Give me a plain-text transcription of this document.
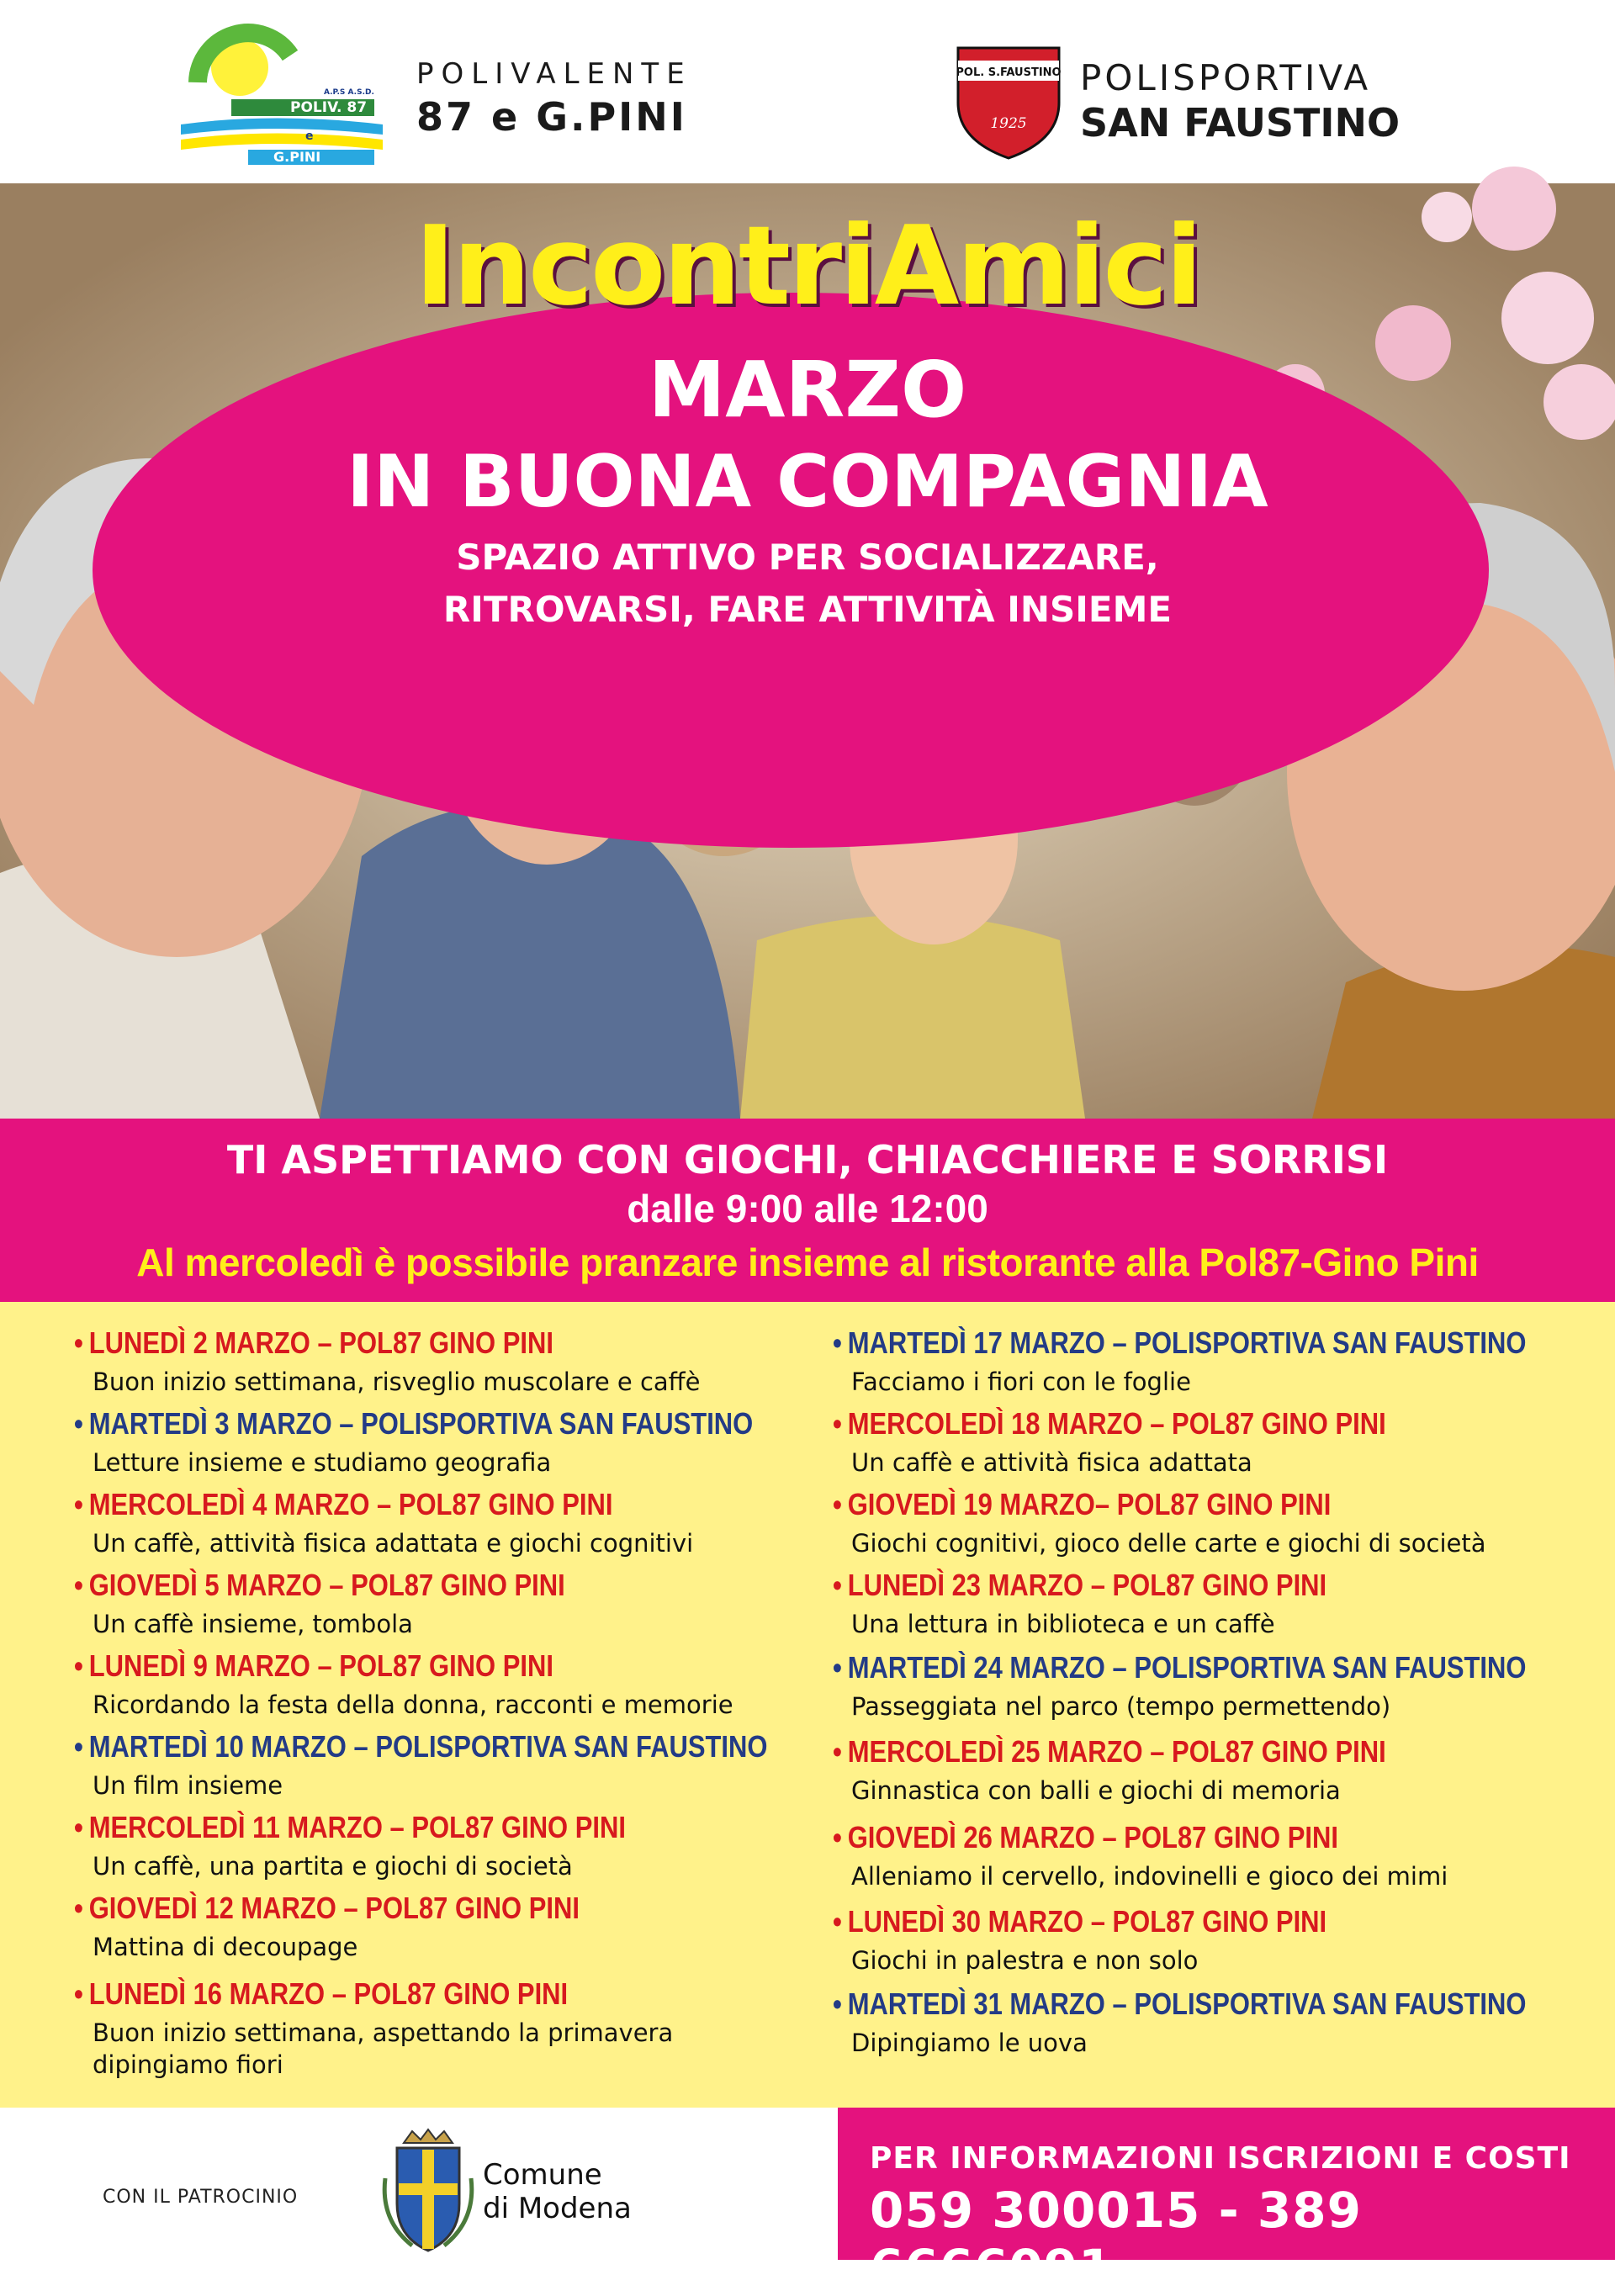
POLIV. 87
e
G.PINI
A.P.S A.S.D.
POLIVALENTE
87 e G.PINI
POL. S.FAUSTINO
1925
POLISPORTIVA
SAN FAUSTINO
IncontriAmici
MARZO
IN BUONA COMPAGNIA
SPAZIO ATTIVO PER SOCIALIZZARE,
RITROVARSI, FARE ATTIVITÀ INSIEME
TI ASPETTIAMO CON GIOCHI, CHIACCHIERE E SORRISI
dalle 9:00 alle 12:00
Al mercoledì è possibile pranzare insieme al ristorante alla Pol87-Gino Pini
• LUNEDÌ 2 MARZO – POL87 GINO PINI
Buon inizio settimana, risveglio muscolare e caffè
• MARTEDÌ 3 MARZO – POLISPORTIVA SAN FAUSTINO
Letture insieme e studiamo geografia
• MERCOLEDÌ 4 MARZO – POL87 GINO PINI
Un caffè, attività fisica adattata e giochi cognitivi
• GIOVEDÌ 5 MARZO – POL87 GINO PINI
Un caffè insieme, tombola
• LUNEDÌ 9 MARZO – POL87 GINO PINI
Ricordando la festa della donna, racconti e memorie
• MARTEDÌ 10 MARZO – POLISPORTIVA SAN FAUSTINO
Un film insieme
• MERCOLEDÌ 11 MARZO – POL87 GINO PINI
Un caffè, una partita e giochi di società
• GIOVEDÌ 12 MARZO – POL87 GINO PINI
Mattina di decoupage
• LUNEDÌ 16 MARZO – POL87 GINO PINI
Buon inizio settimana, aspettando la primavera
dipingiamo fiori
• MARTEDÌ 17 MARZO – POLISPORTIVA SAN FAUSTINO
Facciamo i fiori con le foglie
• MERCOLEDÌ 18 MARZO – POL87 GINO PINI
Un caffè e attività fisica adattata
• GIOVEDÌ 19 MARZO– POL87 GINO PINI
Giochi cognitivi, gioco delle carte e giochi di società
• LUNEDÌ 23 MARZO – POL87 GINO PINI
Una lettura in biblioteca e un caffè
• MARTEDÌ 24 MARZO – POLISPORTIVA SAN FAUSTINO
Passeggiata nel parco (tempo permettendo)
• MERCOLEDÌ 25 MARZO – POL87 GINO PINI
Ginnastica con balli e giochi di memoria
• GIOVEDÌ 26 MARZO – POL87 GINO PINI
Alleniamo il cervello, indovinelli e gioco dei mimi
• LUNEDÌ 30 MARZO – POL87 GINO PINI
Giochi in palestra e non solo
• MARTEDÌ 31 MARZO – POLISPORTIVA SAN FAUSTINO
Dipingiamo le uova
CON IL PATROCINIO
Comune
di Modena
PER INFORMAZIONI ISCRIZIONI E COSTI
059 300015 - 389 6666091
